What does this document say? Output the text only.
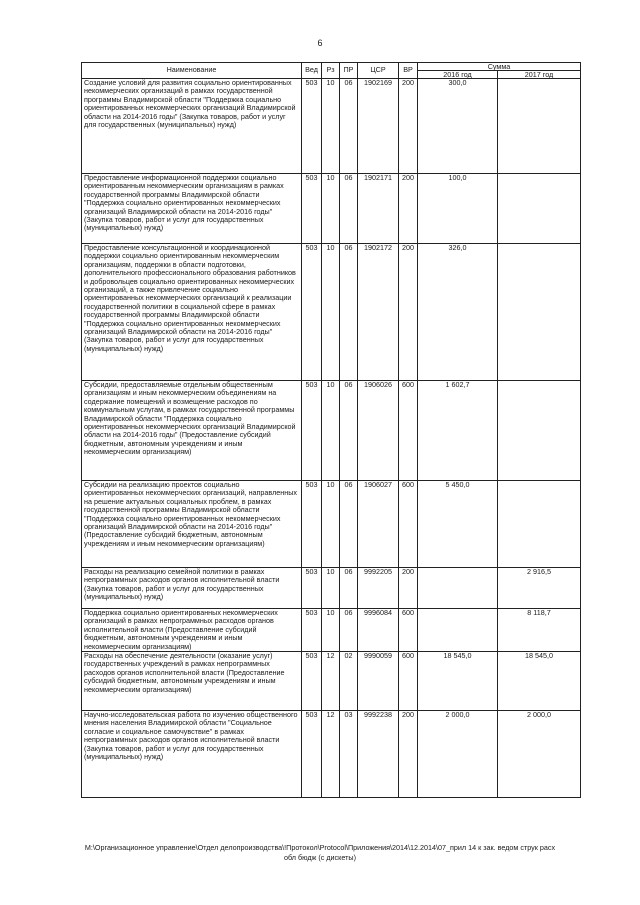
6
Наименование	Вед	Рз	ПР	ЦСР	ВР	Сумма	
						2016 год	2017 год
Создание условий для развития социально ориентированных некоммерческих организаций в рамках государственной программы Владимирской области "Поддержка социально ориентированных некоммерческих организаций Владимирской области на 2014-2016 годы" (Закупка товаров, работ и услуг для государственных (муниципальных) нужд)	503	10	06	1902169	200	300,0	
Предоставление информационной поддержки социально ориентированным некоммерческим организациям в рамках государственной программы Владимирской области "Поддержка социально ориентированных некоммерческих организаций Владимирской области на 2014-2016 годы" (Закупка товаров, работ и услуг для государственных (муниципальных) нужд)	503	10	06	1902171	200	100,0	
Предоставление консультационной и координационной поддержки социально ориентированным некоммерческим организациям, поддержки в области подготовки, дополнительного профессионального образования работников и добровольцев социально ориентированных некоммерческих организаций, а также привлечение социально ориентированных некоммерческих организаций к реализации государственной политики в социальной сфере в рамках государственной программы Владимирской области "Поддержка социально ориентированных некоммерческих организаций Владимирской области на 2014-2016 годы" (Закупка товаров, работ и услуг для государственных (муниципальных) нужд)	503	10	06	1902172	200	326,0	
Субсидии, предоставляемые отдельным общественным организациям и иным некоммерческим объединениям на содержание помещений и возмещение расходов по коммунальным услугам, в рамках государственной программы Владимирской области "Поддержка социально ориентированных некоммерческих организаций Владимирской области на 2014-2016 годы" (Предоставление субсидий бюджетным, автономным учреждениям и иным некоммерческим организациям)	503	10	06	1906026	600	1 602,7	
Субсидии на реализацию проектов социально ориентированных некоммерческих организаций, направленных на решение актуальных социальных проблем, в рамках государственной программы Владимирской области "Поддержка социально ориентированных некоммерческих организаций Владимирской области на 2014-2016 годы" (Предоставление субсидий бюджетным, автономным учреждениям и иным некоммерческим организациям)	503	10	06	1906027	600	5 450,0	
Расходы на реализацию семейной политики в рамках непрограммных расходов органов исполнительной власти (Закупка товаров, работ и услуг для государственных (муниципальных) нужд)	503	10	06	9992205	200		2 916,5
Поддержка социально ориентированных некоммерческих организаций в рамках непрограммных расходов органов исполнительной власти (Предоставление субсидий бюджетным, автономным учреждениям и иным некоммерческим организациям)	503	10	06	9996084	600		8 118,7
Расходы на обеспечение деятельности (оказание услуг) государственных учреждений в рамках непрограммных расходов органов исполнительной власти (Предоставление субсидий бюджетным, автономным учреждениям и иным некоммерческим организациям)	503	12	02	9990059	600	18 545,0	18 545,0
Научно-исследовательская работа по изучению общественного мнения населения Владимирской области "Социальное согласие и социальное самочувствие" в рамках непрограммных расходов органов исполнительной власти (Закупка товаров, работ и услуг для государственных (муниципальных) нужд)	503	12	03	9992238	200	2 000,0	2 000,0
М:\Организационное управление\Отдел делопроизводства\!Протокол\Protocol\Приложения\2014\12.2014\07_прил 14 к зак. ведом струк расх
обл бюдж (с дискеты)
